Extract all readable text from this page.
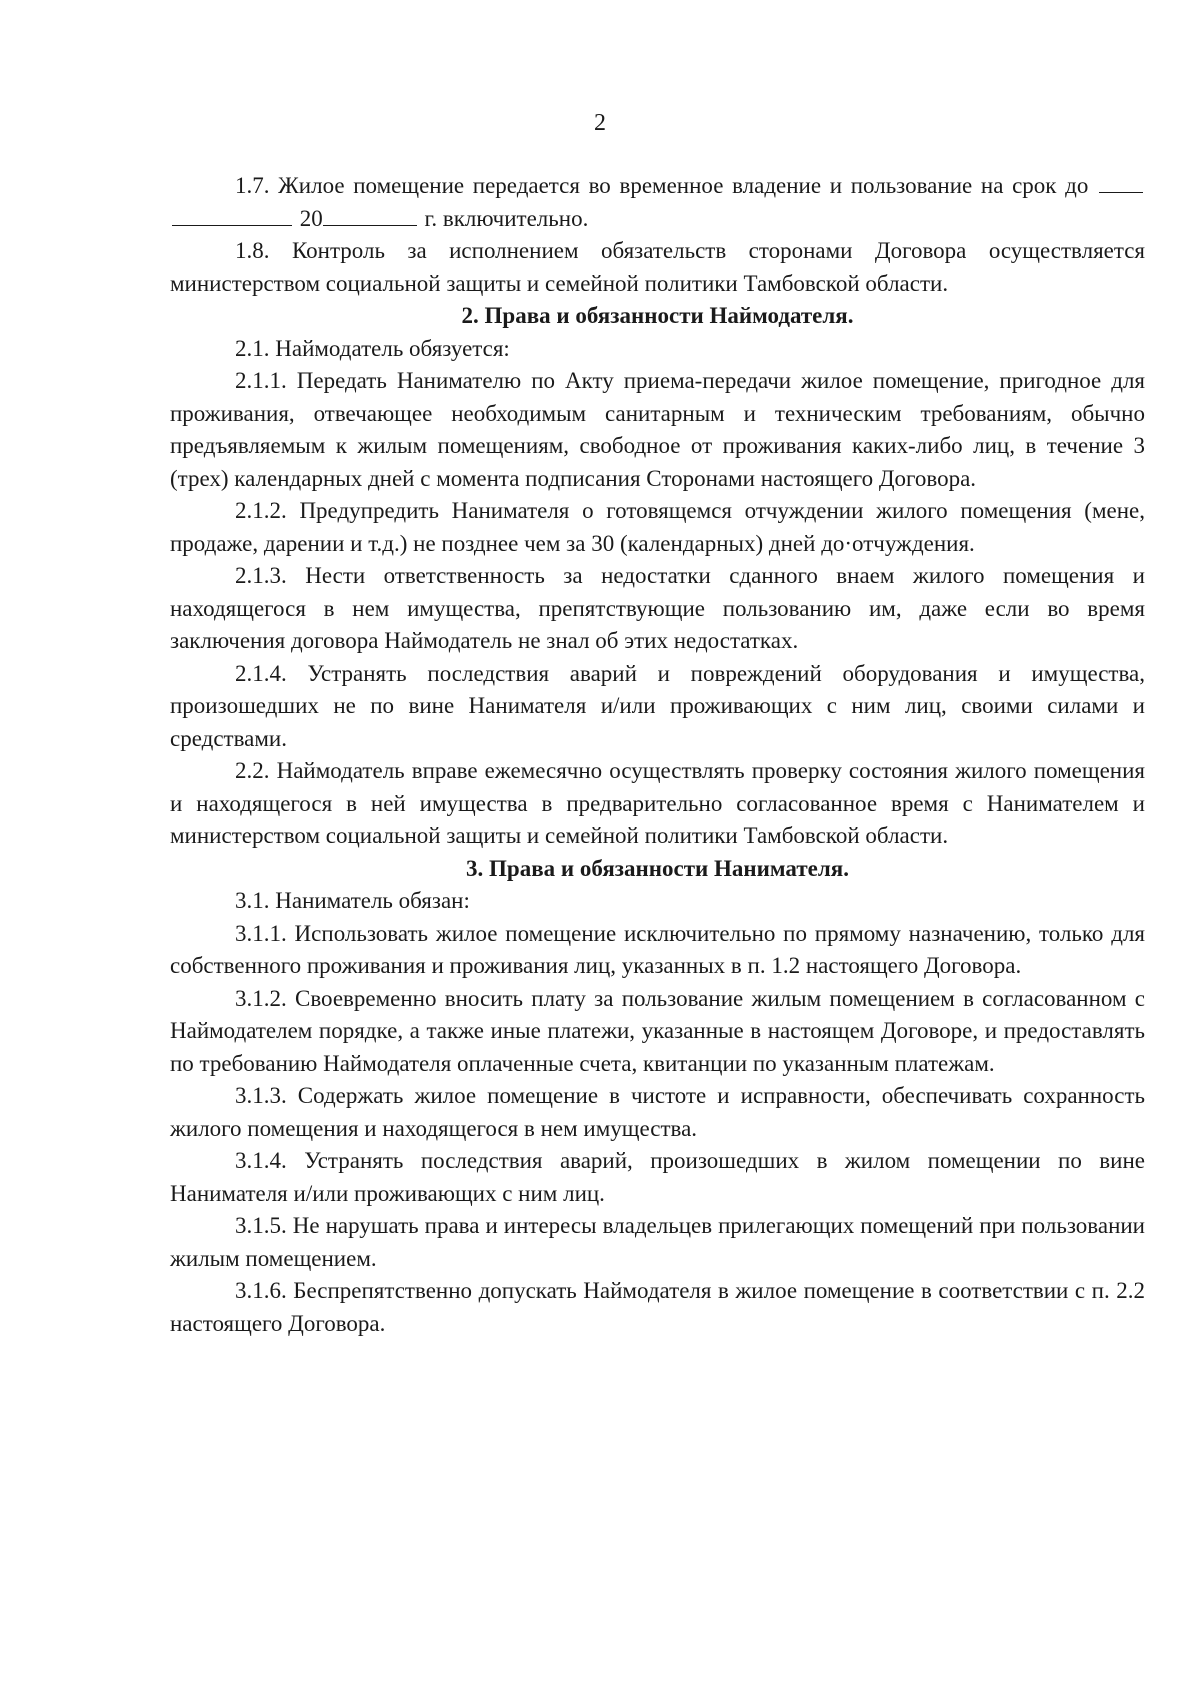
2

1.7. Жилое помещение передается во временное владение и пользование на срок до   20	г. включительно.

1.8. Контроль за исполнением обязательств сторонами Договора осуществляется министерством социальной защиты и семейной политики Тамбовской области.

2. Права и обязанности Наймодателя.

2.1. Наймодатель обязуется:

2.1.1. Передать Нанимателю по Акту приема-передачи жилое помещение, пригодное для проживания, отвечающее необходимым санитарным и техническим требованиям, обычно предъявляемым к жилым помещениям, свободное от проживания каких-либо лиц, в течение 3 (трех) календарных дней с момента подписания Сторонами настоящего Договора.

2.1.2. Предупредить Нанимателя о готовящемся отчуждении жилого помещения (мене, продаже, дарении и т.д.) не позднее чем за 30 (календарных) дней до·отчуждения.

2.1.3. Нести ответственность за недостатки сданного внаем жилого помещения и находящегося в нем имущества, препятствующие пользованию им, даже если во время заключения договора Наймодатель не знал об этих недостатках.

2.1.4. Устранять последствия аварий и повреждений оборудования и имущества, произошедших не по вине Нанимателя и/или проживающих с ним лиц, своими силами и средствами.

2.2. Наймодатель вправе ежемесячно осуществлять проверку состояния жилого помещения и находящегося в ней имущества в предварительно согласованное время с Нанимателем и министерством социальной защиты и семейной политики Тамбовской области.

3. Права и обязанности Нанимателя.

3.1. Наниматель обязан:

3.1.1. Использовать жилое помещение исключительно по прямому назначению, только для собственного проживания и проживания лиц, указанных в п. 1.2 настоящего Договора.

3.1.2. Своевременно вносить плату за пользование жилым помещением в согласованном с Наймодателем порядке, а также иные платежи, указанные в настоящем Договоре, и предоставлять по требованию Наймодателя оплаченные счета, квитанции по указанным платежам.

3.1.3. Содержать жилое помещение в чистоте и исправности, обеспечивать сохранность жилого помещения и находящегося в нем имущества.

3.1.4. Устранять последствия аварий, произошедших в жилом помещении по вине Нанимателя и/или проживающих с ним лиц.

3.1.5. Не нарушать права и интересы владельцев прилегающих помещений при пользовании жилым помещением.

3.1.6. Беспрепятственно допускать Наймодателя в жилое помещение в соответствии с п. 2.2 настоящего Договора.
